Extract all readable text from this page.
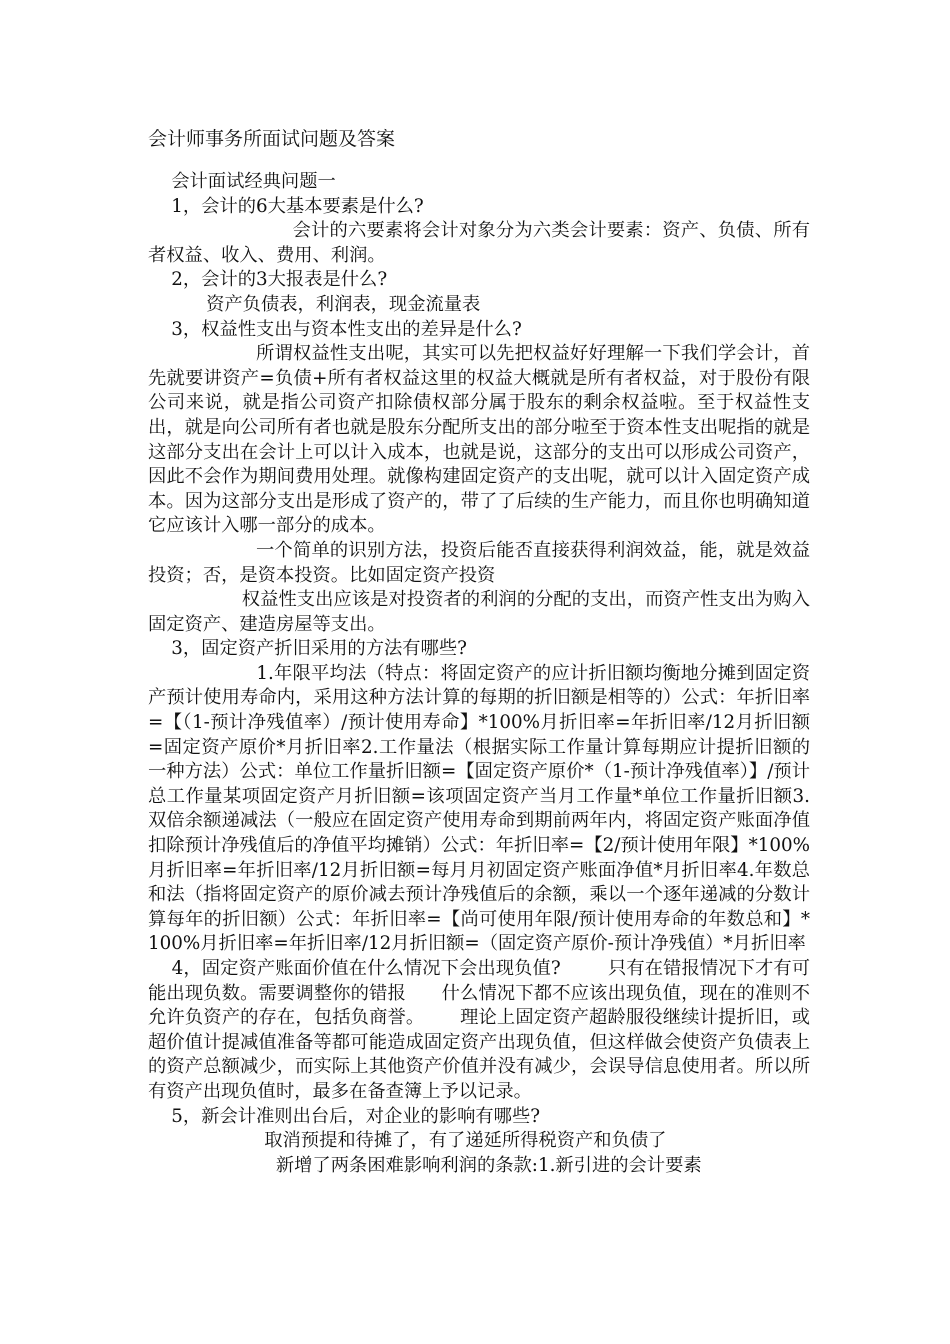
会计师事务所面试问题及答案

会计面试经典问题一

1，会计的6大基本要素是什么?

会计的六要素将会计对象分为六类会计要素：资产、负债、所有者权益、收入、费用、利润。

2，会计的3大报表是什么?

资产负债表，利润表，现金流量表

3，权益性支出与资本性支出的差异是什么?

所谓权益性支出呢，其实可以先把权益好好理解一下我们学会计，首先就要讲资产=负债+所有者权益这里的权益大概就是所有者权益，对于股份有限公司来说，就是指公司资产扣除债权部分属于股东的剩余权益啦。至于权益性支出，就是向公司所有者也就是股东分配所支出的部分啦至于资本性支出呢指的就是这部分支出在会计上可以计入成本，也就是说，这部分的支出可以形成公司资产，因此不会作为期间费用处理。就像构建固定资产的支出呢，就可以计入固定资产成本。因为这部分支出是形成了资产的，带了了后续的生产能力，而且你也明确知道它应该计入哪一部分的成本。

一个简单的识别方法，投资后能否直接获得利润效益，能，就是效益投资；否，是资本投资。比如固定资产投资

权益性支出应该是对投资者的利润的分配的支出，而资产性支出为购入固定资产、建造房屋等支出。

3，固定资产折旧采用的方法有哪些?

1.年限平均法（特点：将固定资产的应计折旧额均衡地分摊到固定资产预计使用寿命内，采用这种方法计算的每期的折旧额是相等的）公式：年折旧率=【（1-预计净残值率）/预计使用寿命】*100%月折旧率=年折旧率/12月折旧额=固定资产原价*月折旧率2.工作量法（根据实际工作量计算每期应计提折旧额的一种方法）公式：单位工作量折旧额=【固定资产原价*（1-预计净残值率）】/预计总工作量某项固定资产月折旧额=该项固定资产当月工作量*单位工作量折旧额3.双倍余额递减法（一般应在固定资产使用寿命到期前两年内，将固定资产账面净值扣除预计净残值后的净值平均摊销）公式：年折旧率=【2/预计使用年限】*100%月折旧率=年折旧率/12月折旧额=每月月初固定资产账面净值*月折旧率4.年数总和法（指将固定资产的原价减去预计净残值后的余额，乘以一个逐年递减的分数计算每年的折旧额）公式：年折旧率=【尚可使用年限/预计使用寿命的年数总和】*100%月折旧率=年折旧率/12月折旧额=（固定资产原价-预计净残值）*月折旧率

4，固定资产账面价值在什么情况下会出现负值?        只有在错报情况下才有可能出现负数。需要调整你的错报      什么情况下都不应该出现负值，现在的准则不允许负资产的存在，包括负商誉。      理论上固定资产超龄服役继续计提折旧，或超价值计提减值准备等都可能造成固定资产出现负值，但这样做会使资产负债表上的资产总额减少，而实际上其他资产价值并没有减少，会误导信息使用者。所以所有资产出现负值时，最多在备查簿上予以记录。

5，新会计准则出台后，对企业的影响有哪些?

取消预提和待摊了，有了递延所得税资产和负债了

新增了两条困难影响利润的条款:1.新引进的会计要素
